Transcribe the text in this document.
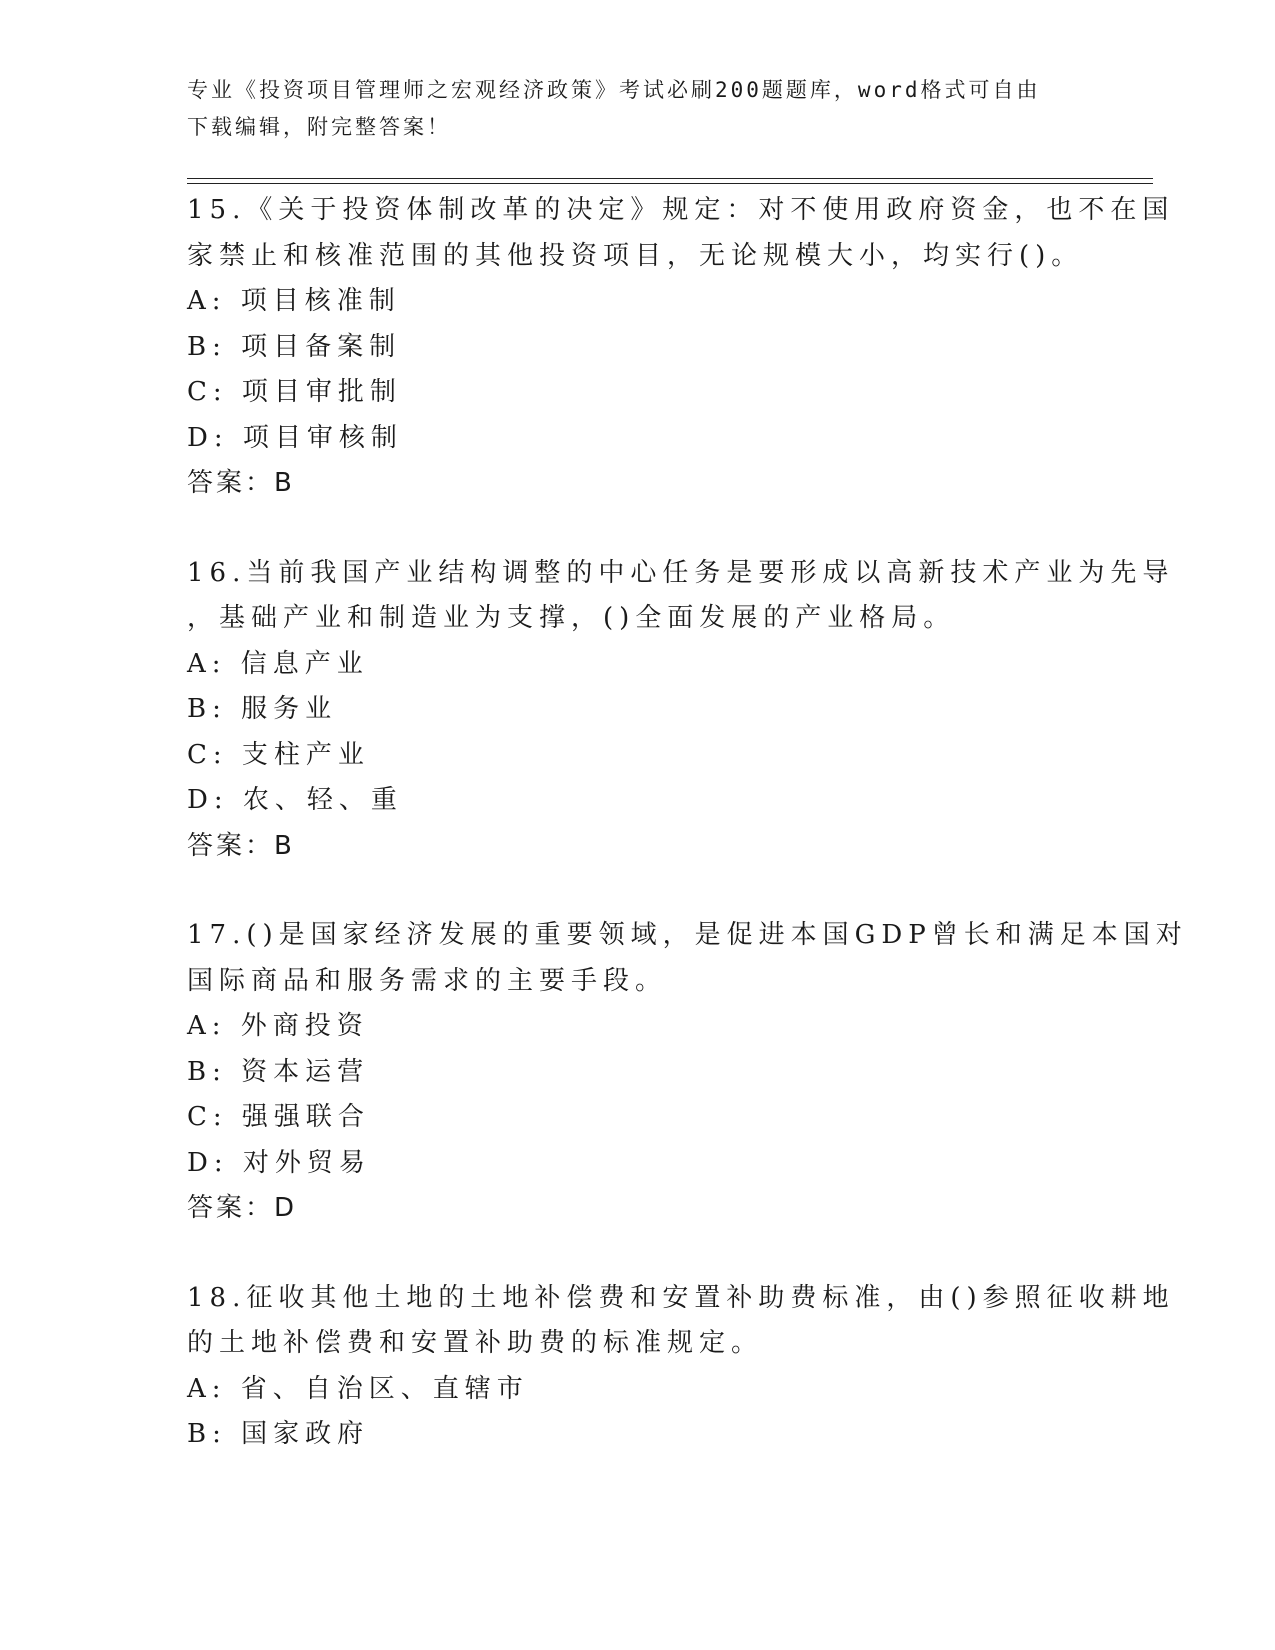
专业《投资项目管理师之宏观经济政策》考试必刷200题题库，word格式可自由
下载编辑，附完整答案！
15.《关于投资体制改革的决定》规定：对不使用政府资金，也不在国
家禁止和核准范围的其他投资项目，无论规模大小，均实行()。
A: 项目核准制
B: 项目备案制
C: 项目审批制
D: 项目审核制
答案：B
16.当前我国产业结构调整的中心任务是要形成以高新技术产业为先导
，基础产业和制造业为支撑，()全面发展的产业格局。
A: 信息产业
B: 服务业
C: 支柱产业
D: 农、轻、重
答案：B
17.()是国家经济发展的重要领域，是促进本国GDP曾长和满足本国对
国际商品和服务需求的主要手段。
A: 外商投资
B: 资本运营
C: 强强联合
D: 对外贸易
答案：D
18.征收其他土地的土地补偿费和安置补助费标准，由()参照征收耕地
的土地补偿费和安置补助费的标准规定。
A: 省、自治区、直辖市
B: 国家政府
